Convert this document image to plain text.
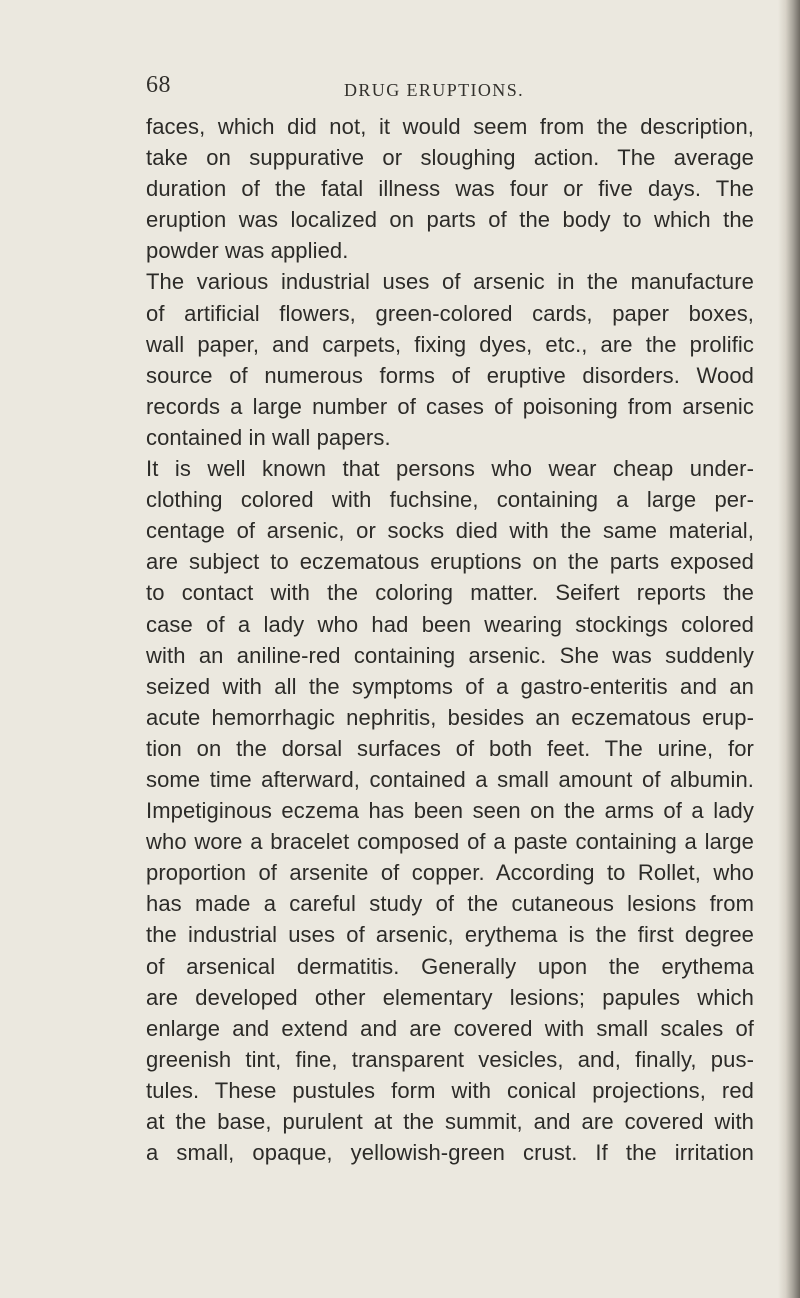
68	DRUG ERUPTIONS.
faces, which did not, it would seem from the description,
take on suppurative or sloughing action. The average
duration of the fatal illness was four or five days. The
eruption was localized on parts of the body to which the
powder was applied.
The various industrial uses of arsenic in the manufacture
of artificial flowers, green-colored cards, paper boxes,
wall paper, and carpets, fixing dyes, etc., are the prolific
source of numerous forms of eruptive disorders. Wood
records a large number of cases of poisoning from arsenic
contained in wall papers.
It is well known that persons who wear cheap under-
clothing colored with fuchsine, containing a large per-
centage of arsenic, or socks died with the same material,
are subject to eczematous eruptions on the parts exposed
to contact with the coloring matter. Seifert reports the
case of a lady who had been wearing stockings colored
with an aniline-red containing arsenic. She was suddenly
seized with all the symptoms of a gastro-enteritis and an
acute hemorrhagic nephritis, besides an eczematous erup-
tion on the dorsal surfaces of both feet. The urine, for
some time afterward, contained a small amount of albumin.
Impetiginous eczema has been seen on the arms of a lady
who wore a bracelet composed of a paste containing a large
proportion of arsenite of copper. According to Rollet, who
has made a careful study of the cutaneous lesions from
the industrial uses of arsenic, erythema is the first degree
of arsenical dermatitis. Generally upon the erythema
are developed other elementary lesions; papules which
enlarge and extend and are covered with small scales of
greenish tint, fine, transparent vesicles, and, finally, pus-
tules. These pustules form with conical projections, red
at the base, purulent at the summit, and are covered with
a small, opaque, yellowish-green crust. If the irritation
